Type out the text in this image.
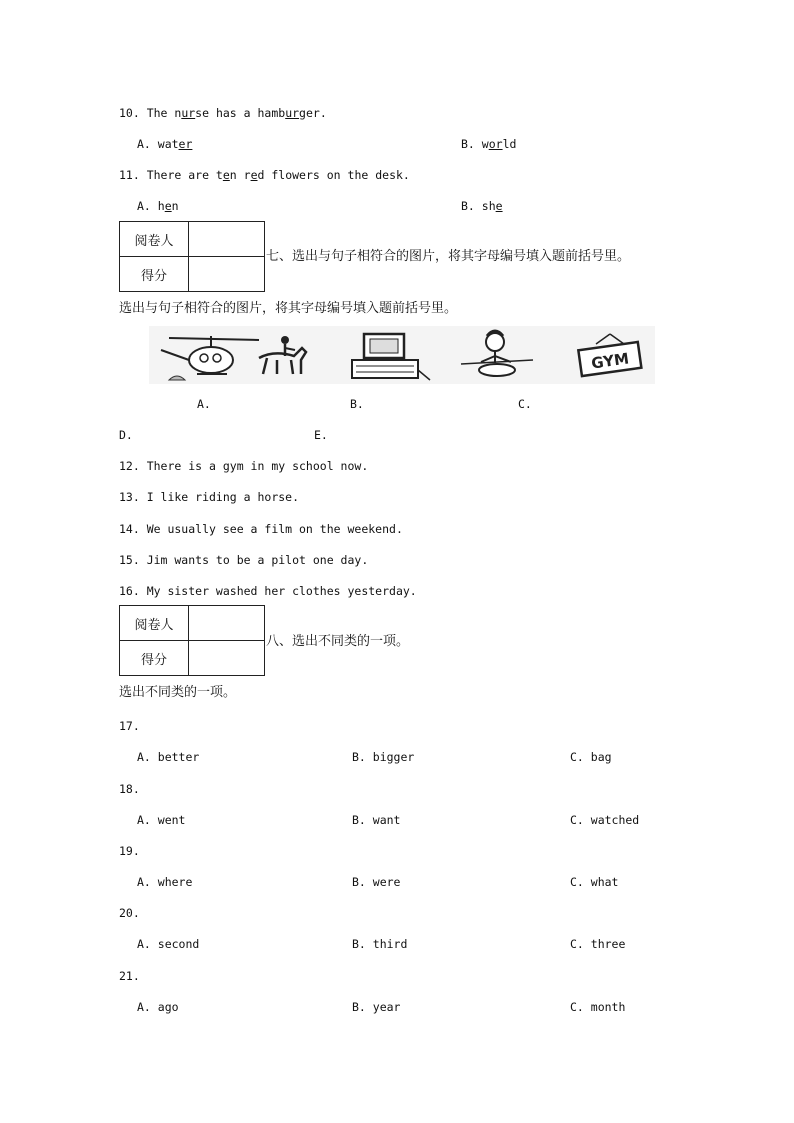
10. The nurse has a hamburger.
A. water	B. world
11. There are ten red flowers on the desk.
A. hen	B. she
阅卷人	
得分	
七、选出与句子相符合的图片，将其字母编号填入题前括号里。
选出与句子相符合的图片，将其字母编号填入题前括号里。
GYM
A.	B.	C.
D.	E.
12. There is a gym in my school now.
13. I like riding a horse.
14. We usually see a film on the weekend.
15. Jim wants to be a pilot one day.
16. My sister washed her clothes yesterday.
阅卷人	
得分	
八、选出不同类的一项。
选出不同类的一项。
17.
A. better	B. bigger	C. bag
18.
A. went	B. want	C. watched
19.
A. where	B. were	C. what
20.
A. second	B. third	C. three
21.
A. ago	B. year	C. month
